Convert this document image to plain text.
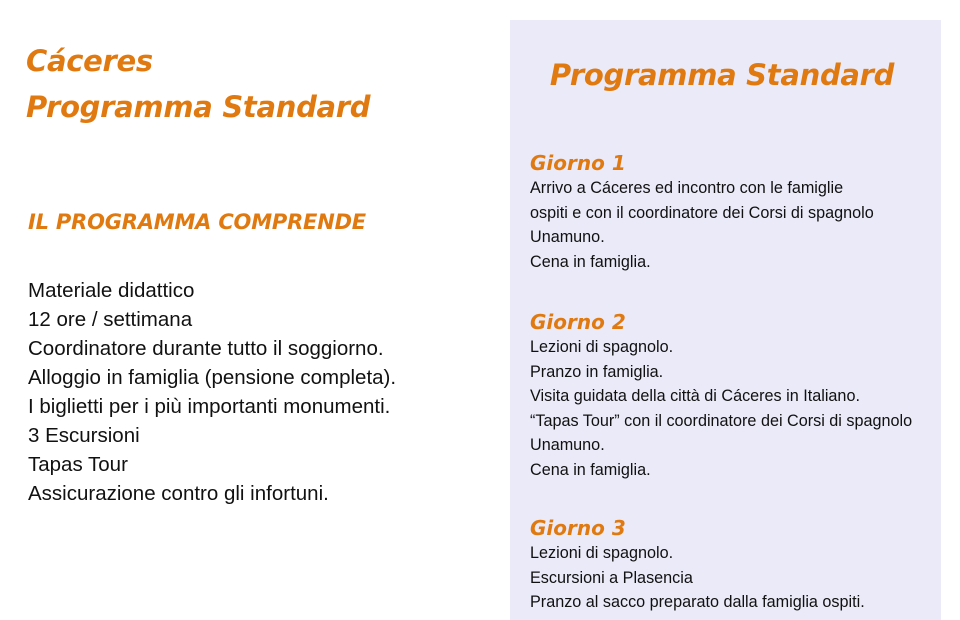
Cáceres
Programma Standard
IL PROGRAMMA COMPRENDE
Materiale didattico
12 ore / settimana
Coordinatore durante tutto il soggiorno.
Alloggio in famiglia (pensione completa).
I biglietti per i più importanti monumenti.
3 Escursioni
Tapas Tour
Assicurazione contro gli infortuni.

Programma Standard
Giorno 1
Arrivo a Cáceres ed incontro con le famiglie
ospiti e con il coordinatore dei Corsi di spagnolo
Unamuno.
Cena in famiglia.
Giorno 2
Lezioni di spagnolo.
Pranzo in famiglia.
Visita guidata della città di Cáceres in Italiano.
“Tapas Tour” con il coordinatore dei Corsi di spagnolo
Unamuno.
Cena in famiglia.
Giorno 3
Lezioni di spagnolo.
Escursioni a Plasencia
Pranzo al sacco preparato dalla famiglia ospiti.
